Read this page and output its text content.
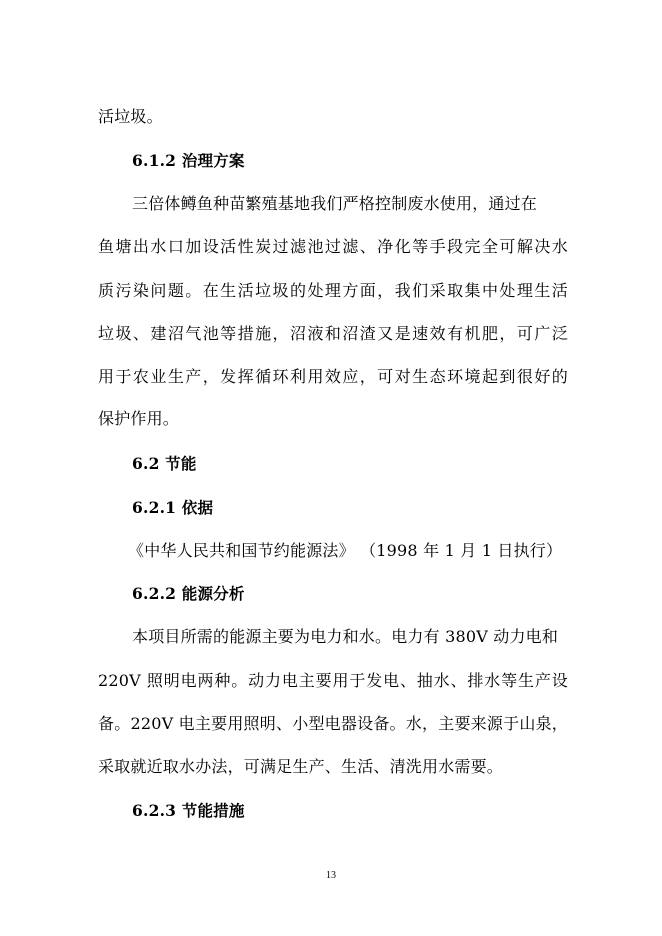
活垃圾。
6.1.2 治理方案
三倍体鳟鱼种苗繁殖基地我们严格控制废水使用，通过在
鱼塘出水口加设活性炭过滤池过滤、净化等手段完全可解决水
质污染问题。在生活垃圾的处理方面，我们采取集中处理生活
垃圾、建沼气池等措施，沼液和沼渣又是速效有机肥，可广泛
用于农业生产，发挥循环利用效应，可对生态环境起到很好的
保护作用。
6.2 节能
6.2.1 依据
《中华人民共和国节约能源法》 （1998 年 1 月 1 日执行）
6.2.2 能源分析
本项目所需的能源主要为电力和水。电力有 380V 动力电和
220V 照明电两种。动力电主要用于发电、抽水、排水等生产设
备。220V 电主要用照明、小型电器设备。水，主要来源于山泉，
采取就近取水办法，可满足生产、生活、清洗用水需要。
6.2.3 节能措施
13
